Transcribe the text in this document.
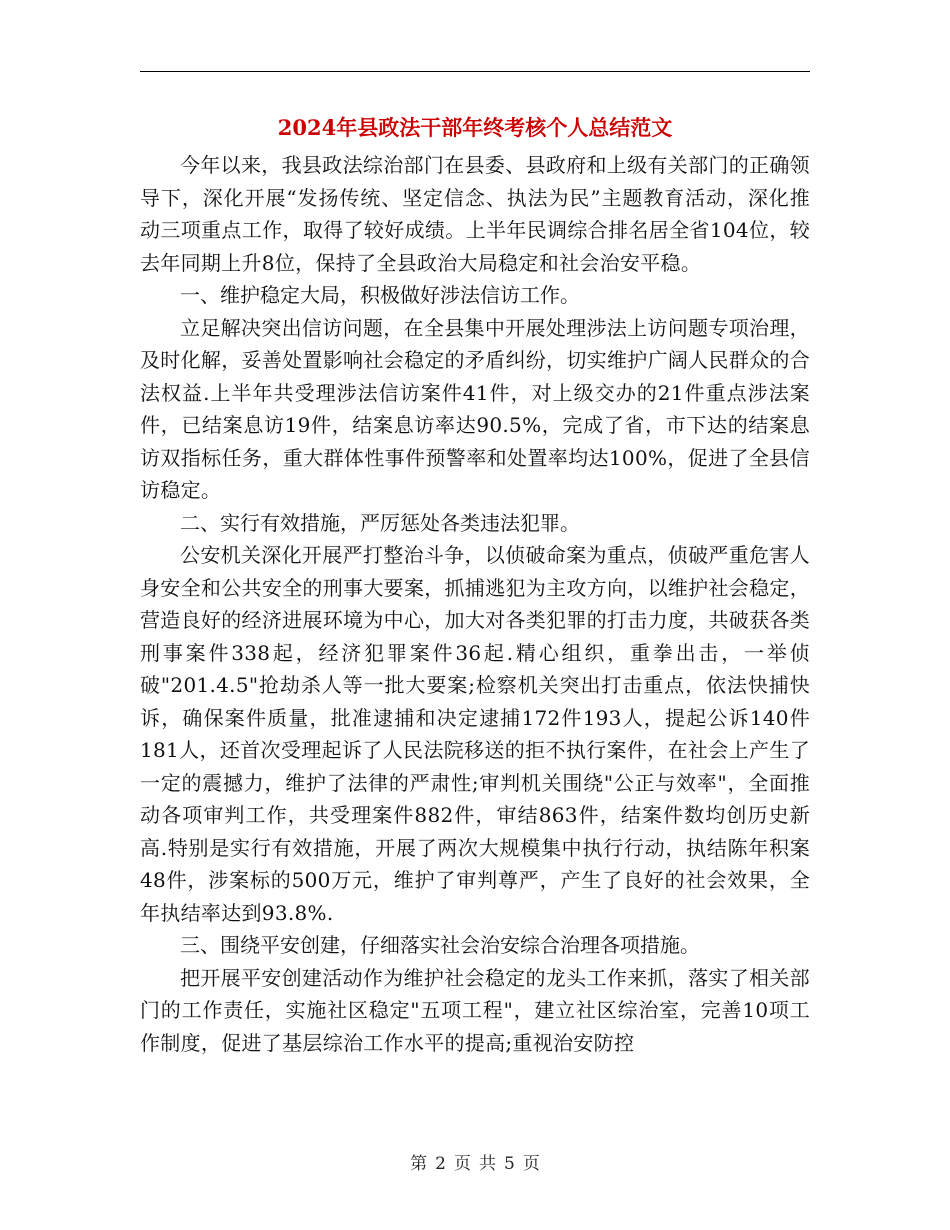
2024年县政法干部年终考核个人总结范文

今年以来，我县政法综治部门在县委、县政府和上级有关部门的正确领导下，深化开展“发扬传统、坚定信念、执法为民”主题教育活动，深化推动三项重点工作，取得了较好成绩。上半年民调综合排名居全省104位，较去年同期上升8位，保持了全县政治大局稳定和社会治安平稳。

一、维护稳定大局，积极做好涉法信访工作。

立足解决突出信访问题，在全县集中开展处理涉法上访问题专项治理，及时化解，妥善处置影响社会稳定的矛盾纠纷，切实维护广阔人民群众的合法权益.上半年共受理涉法信访案件41件，对上级交办的21件重点涉法案件，已结案息访19件，结案息访率达90.5%，完成了省，市下达的结案息访双指标任务，重大群体性事件预警率和处置率均达100%，促进了全县信访稳定。

二、实行有效措施，严厉惩处各类违法犯罪。

公安机关深化开展严打整治斗争，以侦破命案为重点，侦破严重危害人身安全和公共安全的刑事大要案，抓捕逃犯为主攻方向，以维护社会稳定，营造良好的经济进展环境为中心，加大对各类犯罪的打击力度，共破获各类刑事案件338起，经济犯罪案件36起.精心组织，重拳出击，一举侦破"201.4.5"抢劫杀人等一批大要案;检察机关突出打击重点，依法快捕快诉，确保案件质量，批准逮捕和决定逮捕172件193人，提起公诉140件181人，还首次受理起诉了人民法院移送的拒不执行案件，在社会上产生了一定的震撼力，维护了法律的严肃性;审判机关围绕"公正与效率"，全面推动各项审判工作，共受理案件882件，审结863件，结案件数均创历史新高.特别是实行有效措施，开展了两次大规模集中执行行动，执结陈年积案48件，涉案标的500万元，维护了审判尊严，产生了良好的社会效果，全年执结率达到93.8%.

三、围绕平安创建，仔细落实社会治安综合治理各项措施。

把开展平安创建活动作为维护社会稳定的龙头工作来抓，落实了相关部门的工作责任，实施社区稳定"五项工程"，建立社区综治室，完善10项工作制度，促进了基层综治工作水平的提高;重视治安防控

第 2 页 共 5 页
